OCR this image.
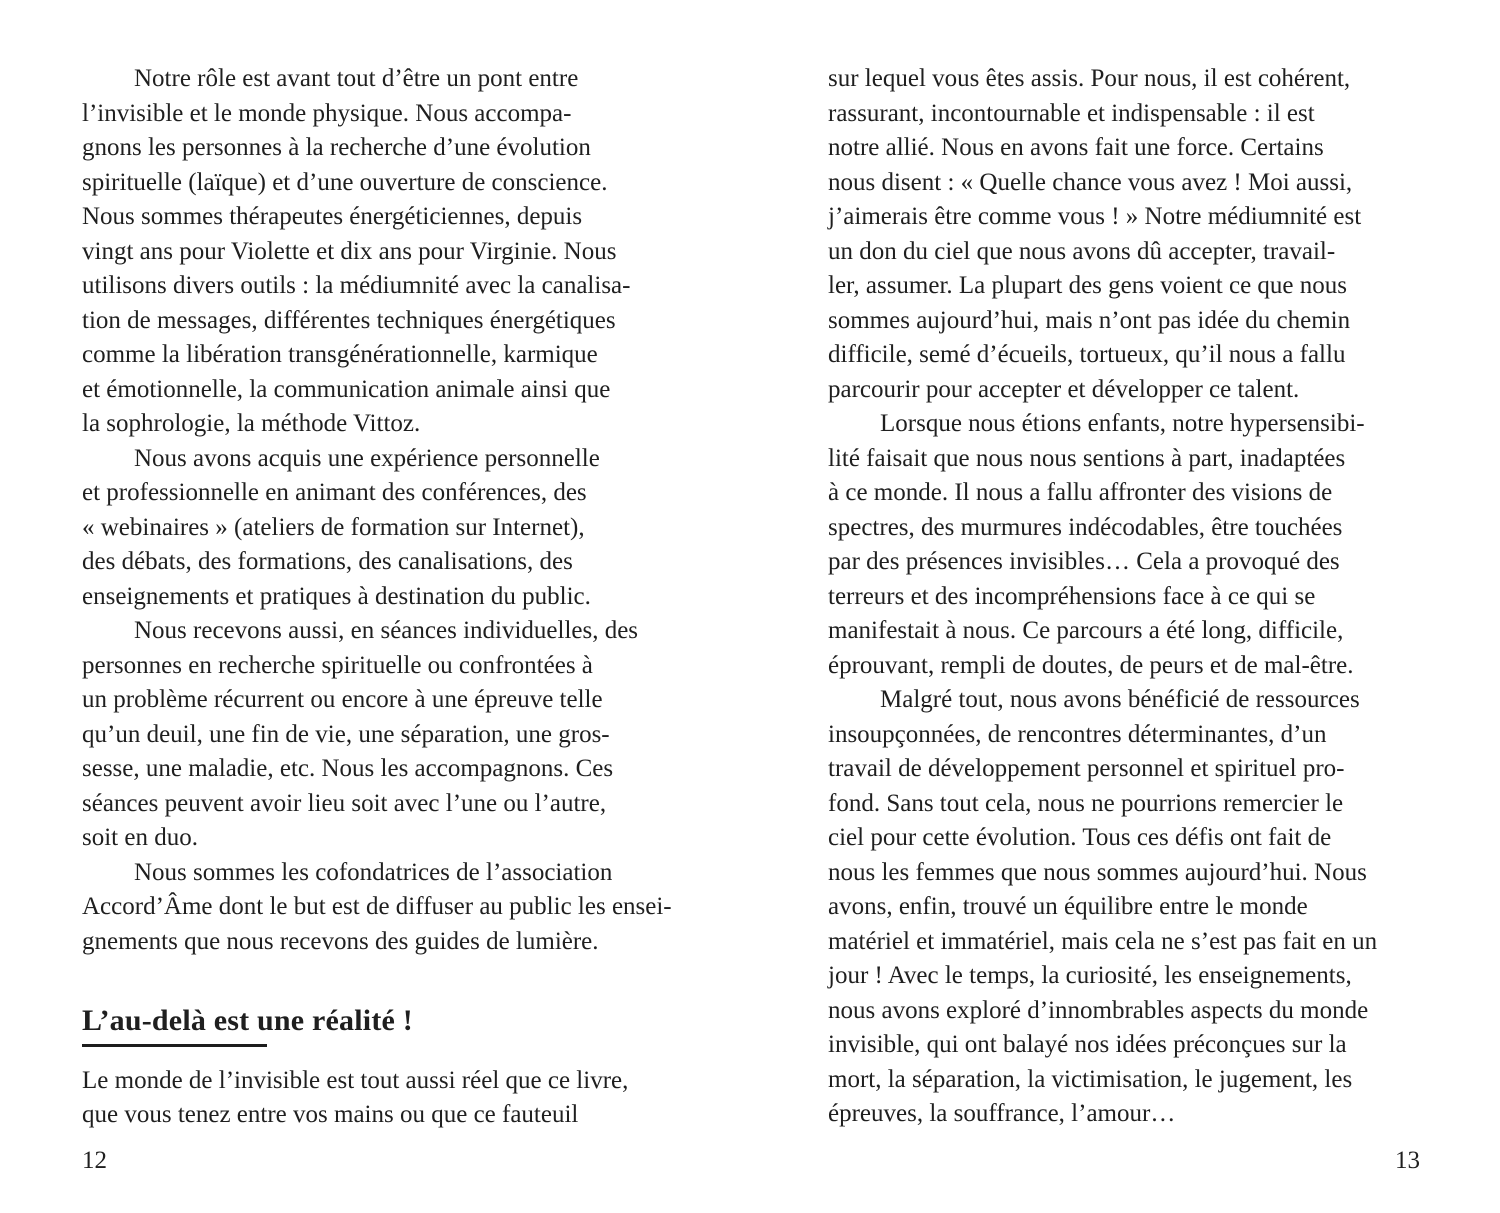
Notre rôle est avant tout d’être un pont entre
l’invisible et le monde physique. Nous accompa-
gnons les personnes à la recherche d’une évolution
spirituelle (laïque) et d’une ouverture de conscience.
Nous sommes thérapeutes énergéticiennes, depuis
vingt ans pour Violette et dix ans pour Virginie. Nous
utilisons divers outils : la médiumnité avec la canalisa-
tion de messages, différentes techniques énergétiques
comme la libération transgénérationnelle, karmique
et émotionnelle, la communication animale ainsi que
la sophrologie, la méthode Vittoz.
Nous avons acquis une expérience personnelle
et professionnelle en animant des conférences, des
« webinaires » (ateliers de formation sur Internet),
des débats, des formations, des canalisations, des
enseignements et pratiques à destination du public.
Nous recevons aussi, en séances individuelles, des
personnes en recherche spirituelle ou confrontées à
un problème récurrent ou encore à une épreuve telle
qu’un deuil, une fin de vie, une séparation, une gros-
sesse, une maladie, etc. Nous les accompagnons. Ces
séances peuvent avoir lieu soit avec l’une ou l’autre,
soit en duo.
Nous sommes les cofondatrices de l’association
Accord’Âme dont le but est de diffuser au public les ensei-
gnements que nous recevons des guides de lumière.
L’au-delà est une réalité !
Le monde de l’invisible est tout aussi réel que ce livre,
que vous tenez entre vos mains ou que ce fauteuil
12
sur lequel vous êtes assis. Pour nous, il est cohérent,
rassurant, incontournable et indispensable : il est
notre allié. Nous en avons fait une force. Certains
nous disent : « Quelle chance vous avez ! Moi aussi,
j’aimerais être comme vous ! » Notre médiumnité est
un don du ciel que nous avons dû accepter, travail-
ler, assumer. La plupart des gens voient ce que nous
sommes aujourd’hui, mais n’ont pas idée du chemin
difficile, semé d’écueils, tortueux, qu’il nous a fallu
parcourir pour accepter et développer ce talent.
Lorsque nous étions enfants, notre hypersensibi-
lité faisait que nous nous sentions à part, inadaptées
à ce monde. Il nous a fallu affronter des visions de
spectres, des murmures indécodables, être touchées
par des présences invisibles… Cela a provoqué des
terreurs et des incompréhensions face à ce qui se
manifestait à nous. Ce parcours a été long, difficile,
éprouvant, rempli de doutes, de peurs et de mal-être.
Malgré tout, nous avons bénéficié de ressources
insoupçonnées, de rencontres déterminantes, d’un
travail de développement personnel et spirituel pro-
fond. Sans tout cela, nous ne pourrions remercier le
ciel pour cette évolution. Tous ces défis ont fait de
nous les femmes que nous sommes aujourd’hui. Nous
avons, enfin, trouvé un équilibre entre le monde
matériel et immatériel, mais cela ne s’est pas fait en un
jour ! Avec le temps, la curiosité, les enseignements,
nous avons exploré d’innombrables aspects du monde
invisible, qui ont balayé nos idées préconçues sur la
mort, la séparation, la victimisation, le jugement, les
épreuves, la souffrance, l’amour…
13
